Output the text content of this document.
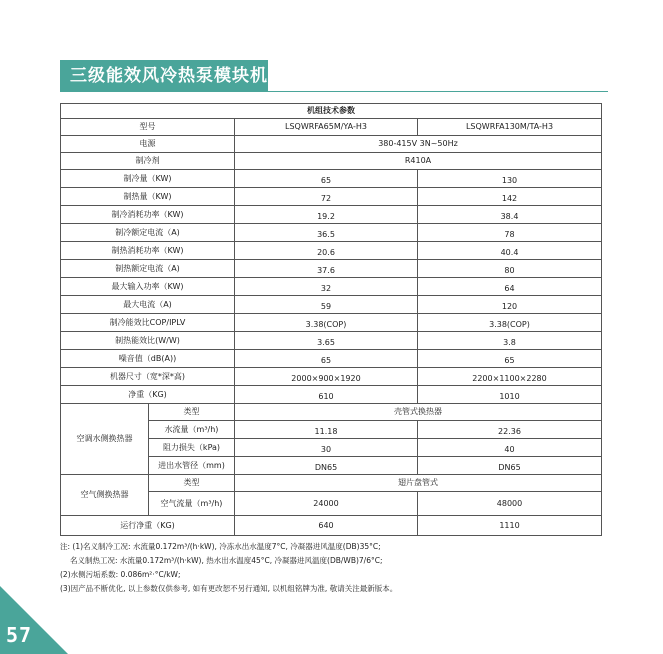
三级能效风冷热泵模块机组	机组技术参数			
型号		LSQWRFA65M/YA-H3	LSQWRFA130M/TA-H3
电源		380-415V 3N~50Hz	
制冷剂		R410A	
制冷量（KW)		65	130
制热量（KW)		72	142
制冷消耗功率（KW)		19.2	38.4
制冷额定电流（A)		36.5	78
制热消耗功率（KW)		20.6	40.4
制热额定电流（A)		37.6	80
最大输入功率（KW)		32	64
最大电流（A)		59	120
制冷能效比COP/IPLV		3.38(COP)	3.38(COP)
制热能效比(W/W)		3.65	3.8
噪音值（dB(A))		65	65
机器尺寸（宽*深*高)		2000×900×1920	2200×1100×2280
净重（KG)		610	1010
空调水侧换热器	类型	壳管式换热器	
	水流量（m³/h)	11.18	22.36
	阻力损失（kPa)	30	40
	进出水管径（mm)	DN65	DN65
空气侧换热器	类型	翅片盘管式	
	空气流量（m³/h)	24000	48000
运行净重（KG)		640	1110
注: (1)名义制冷工况: 水流量0.172m³/(h·kW), 冷冻水出水温度7°C, 冷凝器进风温度(DB)35°C;
名义制热工况: 水流量0.172m³/(h·kW), 热水出水温度45°C, 冷凝器进风温度(DB/WB)7/6°C;
(2)水侧污垢系数: 0.086m²·°C/kW;
(3)因产品不断优化, 以上参数仅供参考, 如有更改恕不另行通知, 以机组铭牌为准, 敬请关注最新版本。
57
